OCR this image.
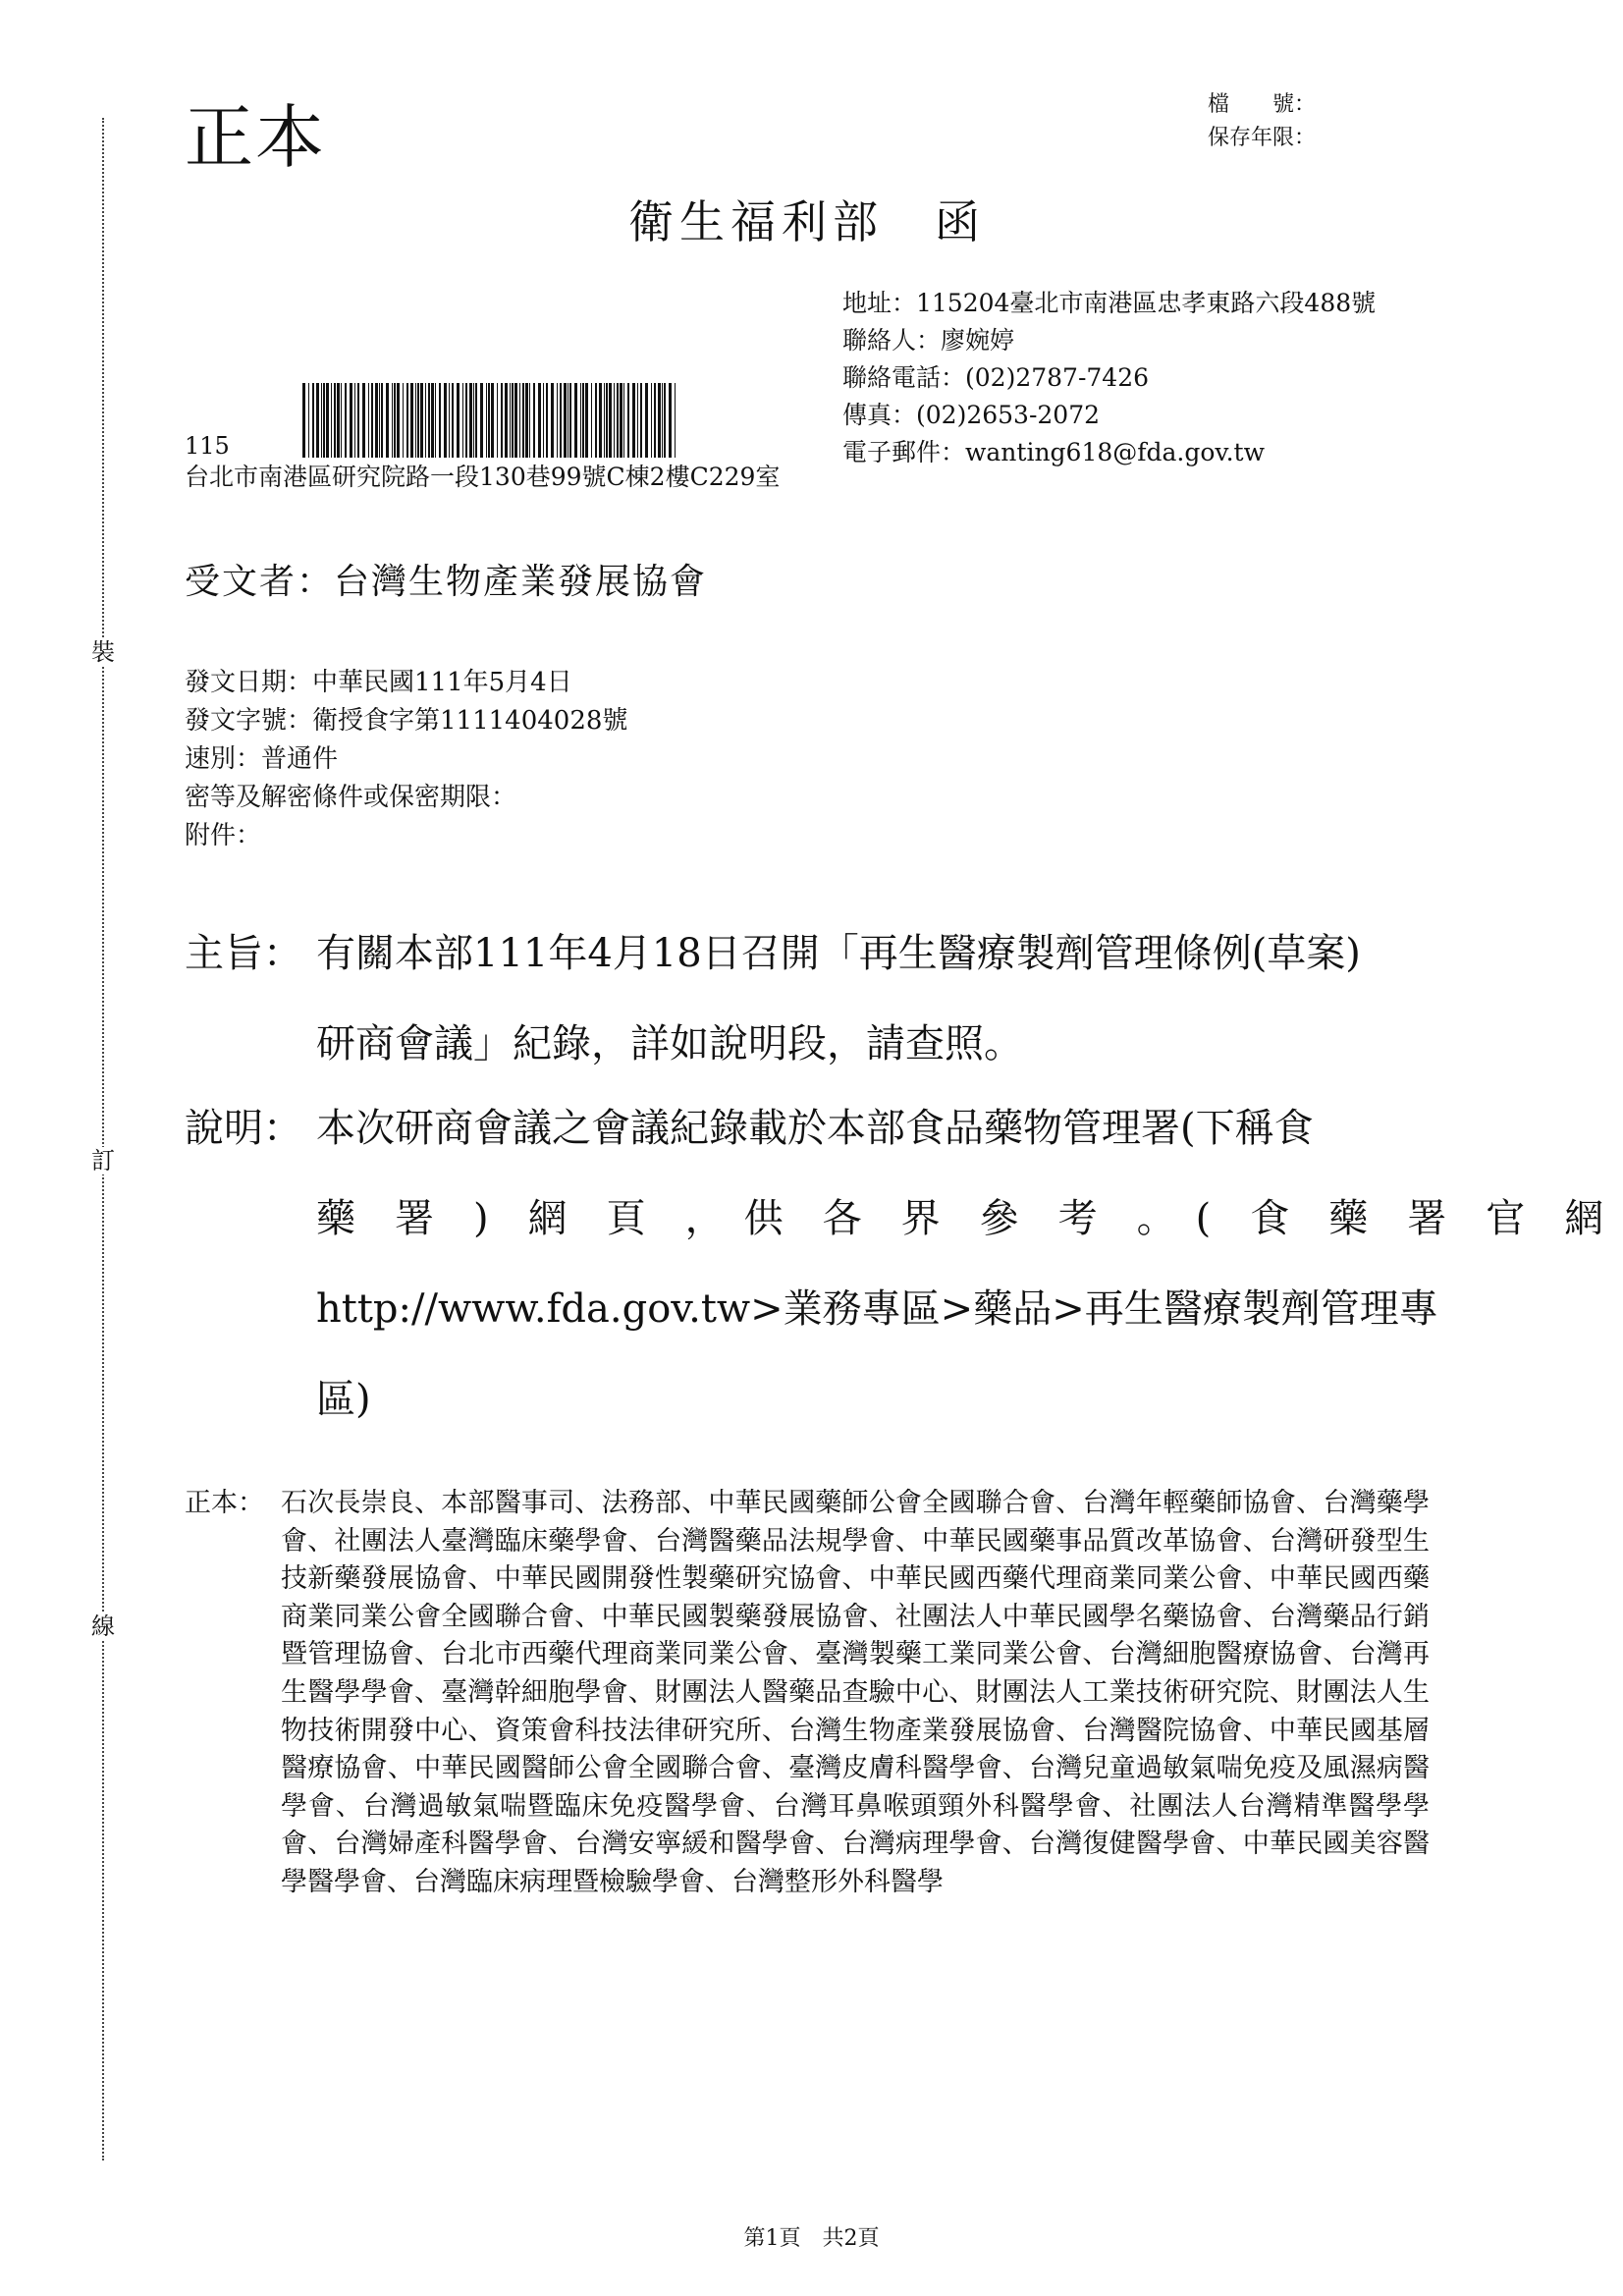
裝
訂
線
正本	檔　　號：
保存年限：
衛生福利部　函
地址：115204臺北市南港區忠孝東路六段488號
聯絡人：廖婉婷
聯絡電話：(02)2787-7426
傳真：(02)2653-2072
電子郵件：wanting618@fda.gov.tw
115
台北市南港區研究院路一段130巷99號C棟2樓C229室
受文者：台灣生物產業發展協會
發文日期：中華民國111年5月4日
發文字號：衛授食字第1111404028號
速別：普通件
密等及解密條件或保密期限：
附件：
主旨： 有關本部111年4月18日召開「再生醫療製劑管理條例(草案)
研商會議」紀錄，詳如說明段，請查照。
說明： 本次研商會議之會議紀錄載於本部食品藥物管理署(下稱食
藥　署　)　網　頁　，　供　各　界　參　考　。　(　食　藥　署　官　網
http://www.fda.gov.tw>業務專區>藥品>再生醫療製劑管理專
區)
正本： 石次長崇良、本部醫事司、法務部、中華民國藥師公會全國聯合會、台灣年輕藥師協會、台灣藥學會、社團法人臺灣臨床藥學會、台灣醫藥品法規學會、中華民國藥事品質改革協會、台灣研發型生技新藥發展協會、中華民國開發性製藥研究協會、中華民國西藥代理商業同業公會、中華民國西藥商業同業公會全國聯合會、中華民國製藥發展協會、社團法人中華民國學名藥協會、台灣藥品行銷暨管理協會、台北市西藥代理商業同業公會、臺灣製藥工業同業公會、台灣細胞醫療協會、台灣再生醫學學會、臺灣幹細胞學會、財團法人醫藥品查驗中心、財團法人工業技術研究院、財團法人生物技術開發中心、資策會科技法律研究所、台灣生物產業發展協會、台灣醫院協會、中華民國基層醫療協會、中華民國醫師公會全國聯合會、臺灣皮膚科醫學會、台灣兒童過敏氣喘免疫及風濕病醫學會、台灣過敏氣喘暨臨床免疫醫學會、台灣耳鼻喉頭頸外科醫學會、社團法人台灣精準醫學學會、台灣婦產科醫學會、台灣安寧緩和醫學會、台灣病理學會、台灣復健醫學會、中華民國美容醫學醫學會、台灣臨床病理暨檢驗學會、台灣整形外科醫學
第1頁　共2頁
